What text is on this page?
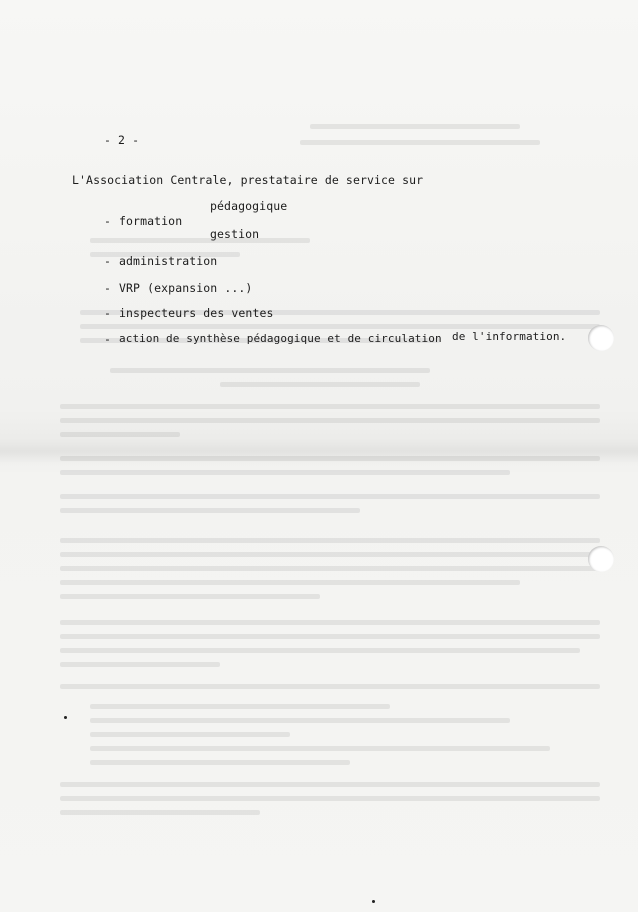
- 2 -
L'Association Centrale, prestataire de service sur
- formation
pédagogique
gestion
- administration
- VRP (expansion ...)
- inspecteurs des ventes
- action de synthèse pédagogique et de circulation de l'information.
